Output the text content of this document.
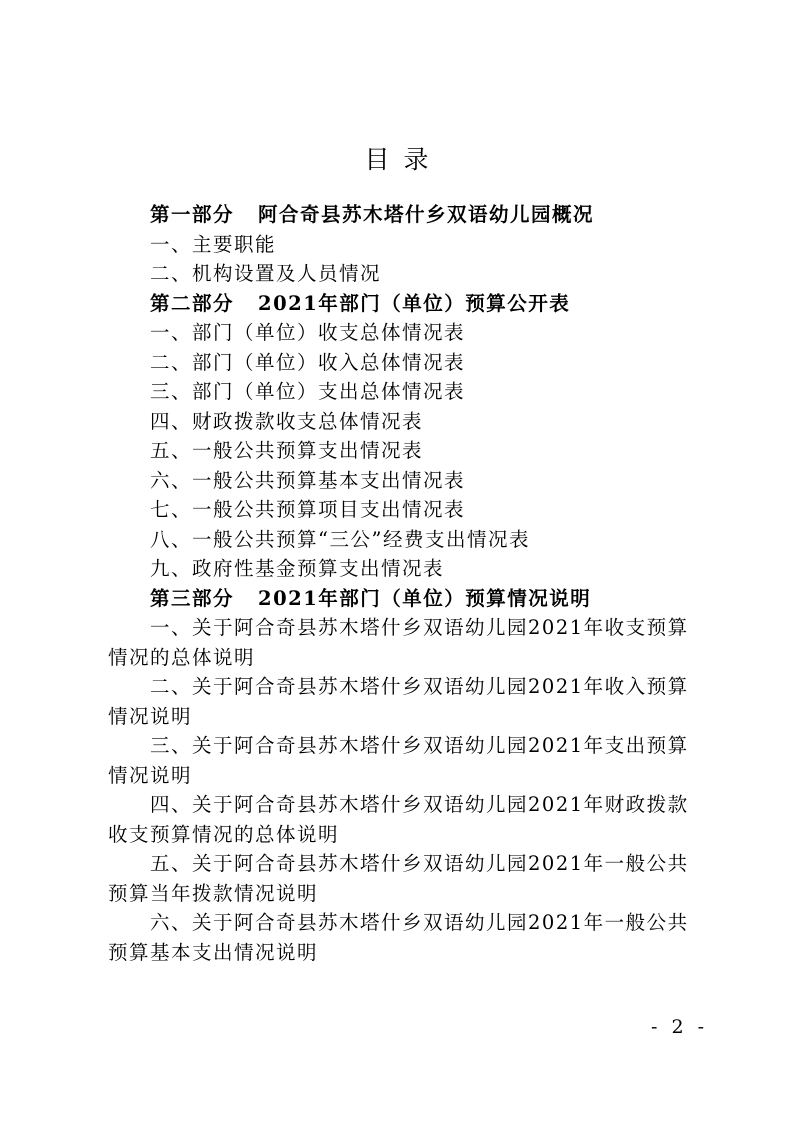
目录
第一部分 阿合奇县苏木塔什乡双语幼儿园概况
一、主要职能
二、机构设置及人员情况
第二部分 2021年部门（单位）预算公开表
一、部门（单位）收支总体情况表
二、部门（单位）收入总体情况表
三、部门（单位）支出总体情况表
四、财政拨款收支总体情况表
五、一般公共预算支出情况表
六、一般公共预算基本支出情况表
七、一般公共预算项目支出情况表
八、一般公共预算“三公”经费支出情况表
九、政府性基金预算支出情况表
第三部分 2021年部门（单位）预算情况说明
一、关于阿合奇县苏木塔什乡双语幼儿园2021年收支预算
情况的总体说明
二、关于阿合奇县苏木塔什乡双语幼儿园2021年收入预算
情况说明
三、关于阿合奇县苏木塔什乡双语幼儿园2021年支出预算
情况说明
四、关于阿合奇县苏木塔什乡双语幼儿园2021年财政拨款
收支预算情况的总体说明
五、关于阿合奇县苏木塔什乡双语幼儿园2021年一般公共
预算当年拨款情况说明
六、关于阿合奇县苏木塔什乡双语幼儿园2021年一般公共
预算基本支出情况说明
- 2 -
